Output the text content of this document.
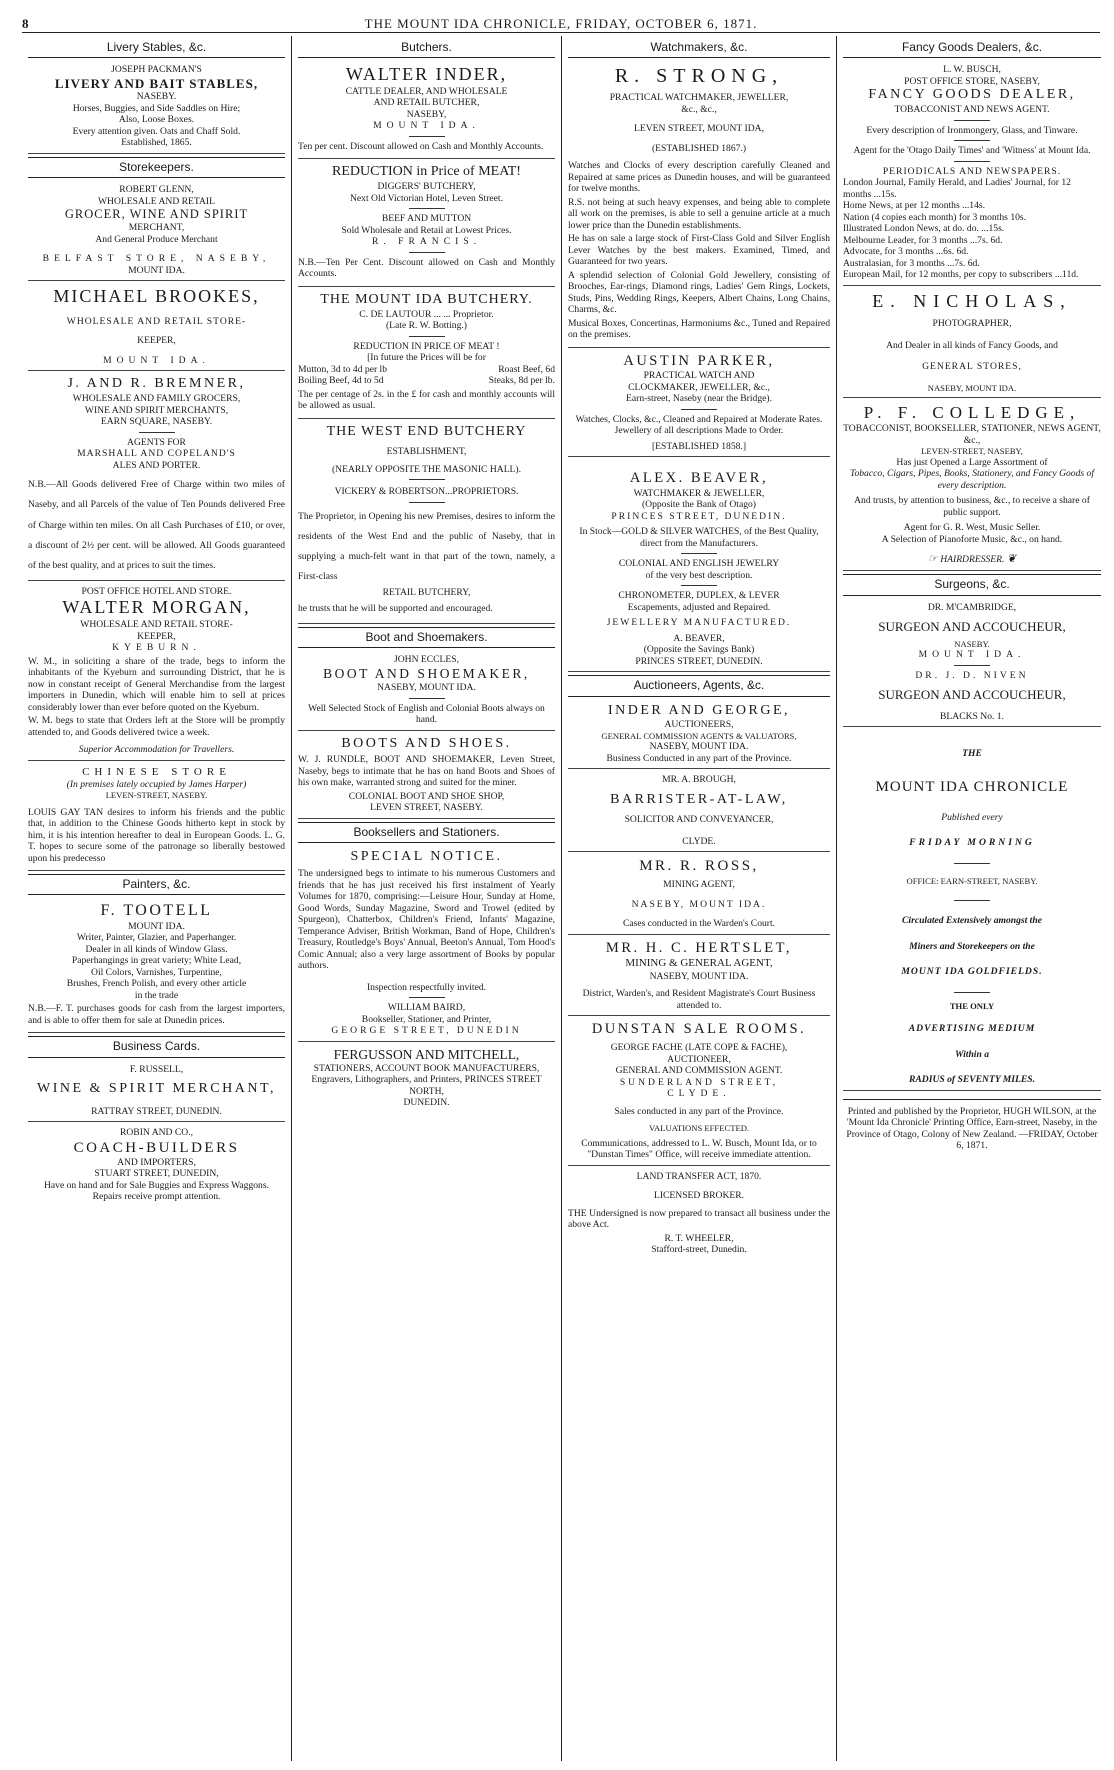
8	THE MOUNT IDA CHRONICLE, FRIDAY, OCTOBER 6, 1871.
Livery Stables, &c.
JOSEPH PACKMAN'S
LIVERY AND BAIT STABLES,
NASEBY.
Horses, Buggies, and Side Saddles on Hire;
Also, Loose Boxes.
Every attention given. Oats and Chaff Sold.
Established, 1865.
Storekeepers.
ROBERT GLENN,
WHOLESALE AND RETAIL
GROCER, WINE AND SPIRIT
MERCHANT,
And General Produce Merchant
BELFAST STORE, NASEBY,
MOUNT IDA.
MICHAEL BROOKES,
WHOLESALE AND RETAIL STORE-
KEEPER,
MOUNT IDA.
J. AND R. BREMNER,
WHOLESALE AND FAMILY GROCERS,
WINE AND SPIRIT MERCHANTS,
EARN SQUARE, NASEBY.
AGENTS FOR
MARSHALL AND COPELAND'S
ALES AND PORTER.
N.B.—All Goods delivered Free of Charge within two miles of Naseby, and all Parcels of the value of Ten Pounds delivered Free of Charge within ten miles. On all Cash Purchases of £10, or over, a discount of 2½ per cent. will be allowed. All Goods guaranteed of the best quality, and at prices to suit the times.
POST OFFICE HOTEL AND STORE.
WALTER MORGAN,
WHOLESALE AND RETAIL STORE-
KEEPER,
KYEBURN.
W. M., in soliciting a share of the trade, begs to inform the inhabitants of the Kyeburn and surrounding District, that he is now in constant receipt of General Merchandise from the largest importers in Dunedin, which will enable him to sell at prices considerably lower than ever before quoted on the Kyeburn.
W. M. begs to state that Orders left at the Store will be promptly attended to, and Goods delivered twice a week.
Superior Accommodation for Travellers.
CHINESE STORE
(In premises lately occupied by James Harper)
LEVEN-STREET, NASEBY.
LOUIS GAY TAN desires to inform his friends and the public that, in addition to the Chinese Goods hitherto kept in stock by him, it is his intention hereafter to deal in European Goods. L. G. T. hopes to secure some of the patronage so liberally bestowed upon his predecesso
Painters, &c.
F. TOOTELL
MOUNT IDA.
Writer, Painter, Glazier, and Paperhanger.
Dealer in all kinds of Window Glass.
Paperhangings in great variety; White Lead,
Oil Colors, Varnishes, Turpentine,
Brushes, French Polish, and every other article
in the trade
N.B.—F. T. purchases goods for cash from the largest importers, and is able to offer them for sale at Dunedin prices.
Business Cards.
F. RUSSELL,
WINE & SPIRIT MERCHANT,
RATTRAY STREET, DUNEDIN.
ROBIN AND CO.,
COACH-BUILDERS
AND IMPORTERS,
STUART STREET, DUNEDIN,
Have on hand and for Sale Buggies and Express Waggons.
Repairs receive prompt attention.
Butchers.
WALTER INDER,
CATTLE DEALER, AND WHOLESALE
AND RETAIL BUTCHER,
NASEBY,
MOUNT IDA.
Ten per cent. Discount allowed on Cash and Monthly Accounts.
REDUCTION in Price of MEAT!
DIGGERS' BUTCHERY,
Next Old Victorian Hotel, Leven Street.
BEEF AND MUTTON
Sold Wholesale and Retail at Lowest Prices.
R. FRANCIS.
N.B.—Ten Per Cent. Discount allowed on Cash and Monthly Accounts.
THE MOUNT IDA BUTCHERY.
C. DE LAUTOUR ... ... Proprietor.
(Late R. W. Botting.)
REDUCTION IN PRICE OF MEAT !
[In future the Prices will be for
Mutton, 3d to 4d per lb	Roast Beef, 6d
Boiling Beef, 4d to 5d	Steaks, 8d per lb.
The per centage of 2s. in the £ for cash and monthly accounts will be allowed as usual.
THE WEST END BUTCHERY
ESTABLISHMENT,
(NEARLY OPPOSITE THE MASONIC HALL).
VICKERY & ROBERTSON...PROPRIETORS.
The Proprietor, in Opening his new Premises, desires to inform the residents of the West End and the public of Naseby, that in supplying a much-felt want in that part of the town, namely, a First-class
RETAIL BUTCHERY,
he trusts that he will be supported and encouraged.
Boot and Shoemakers.
JOHN ECCLES,
BOOT AND SHOEMAKER,
NASEBY, MOUNT IDA.
Well Selected Stock of English and Colonial Boots always on hand.
BOOTS AND SHOES.
W. J. RUNDLE, BOOT AND SHOEMAKER, Leven Street, Naseby, begs to intimate that he has on hand Boots and Shoes of his own make, warranted strong and suited for the miner.
COLONIAL BOOT AND SHOE SHOP,
LEVEN STREET, NASEBY.
Booksellers and Stationers.
SPECIAL NOTICE.
The undersigned begs to intimate to his numerous Customers and friends that he has just received his first instalment of Yearly Volumes for 1870, comprising:—Leisure Hour, Sunday at Home, Good Words, Sunday Magazine, Sword and Trowel (edited by Spurgeon), Chatterbox, Children's Friend, Infants' Magazine, Temperance Adviser, British Workman, Band of Hope, Children's Treasury, Routledge's Boys' Annual, Beeton's Annual, Tom Hood's Comic Annual; also a very large assortment of Books by popular authors.
Inspection respectfully invited.
WILLIAM BAIRD,
Bookseller, Stationer, and Printer,
GEORGE STREET, DUNEDIN
FERGUSSON AND MITCHELL,
STATIONERS, ACCOUNT BOOK MANUFACTURERS, Engravers, Lithographers, and Printers, PRINCES STREET NORTH,
DUNEDIN.
Watchmakers, &c.
R. STRONG,
PRACTICAL WATCHMAKER, JEWELLER,
&c., &c.,
LEVEN STREET, MOUNT IDA,
(ESTABLISHED 1867.)
Watches and Clocks of every description carefully Cleaned and Repaired at same prices as Dunedin houses, and will be guaranteed for twelve months.
R.S. not being at such heavy expenses, and being able to complete all work on the premises, is able to sell a genuine article at a much lower price than the Dunedin establishments.
He has on sale a large stock of First-Class Gold and Silver English Lever Watches by the best makers. Examined, Timed, and Guaranteed for two years.
A splendid selection of Colonial Gold Jewellery, consisting of Brooches, Ear-rings, Diamond rings, Ladies' Gem Rings, Lockets, Studs, Pins, Wedding Rings, Keepers, Albert Chains, Long Chains, Charms, &c.
Musical Boxes, Concertinas, Harmoniums &c., Tuned and Repaired on the premises.
AUSTIN PARKER,
PRACTICAL WATCH AND
CLOCKMAKER, JEWELLER, &c.,
Earn-street, Naseby (near the Bridge).
Watches, Clocks, &c., Cleaned and Repaired at Moderate Rates.
Jewellery of all descriptions Made to Order.
[ESTABLISHED 1858.]
ALEX. BEAVER,
WATCHMAKER & JEWELLER,
(Opposite the Bank of Otago)
PRINCES STREET, DUNEDIN.
In Stock—GOLD & SILVER WATCHES, of the Best Quality, direct from the Manufacturers.
COLONIAL AND ENGLISH JEWELRY
of the very best description.
CHRONOMETER, DUPLEX, & LEVER
Escapements, adjusted and Repaired.
JEWELLERY MANUFACTURED.
A. BEAVER,
(Opposite the Savings Bank)
PRINCES STREET, DUNEDIN.
Auctioneers, Agents, &c.
INDER AND GEORGE,
AUCTIONEERS,
GENERAL COMMISSION AGENTS & VALUATORS,
NASEBY, MOUNT IDA.
Business Conducted in any part of the Province.
MR. A. BROUGH,
BARRISTER-AT-LAW,
SOLICITOR AND CONVEYANCER,
CLYDE.
MR. R. ROSS,
MINING AGENT,
NASEBY, MOUNT IDA.
Cases conducted in the Warden's Court.
MR. H. C. HERTSLET,
MINING & GENERAL AGENT,
NASEBY, MOUNT IDA.
District, Warden's, and Resident Magistrate's Court Business attended to.
DUNSTAN SALE ROOMS.
GEORGE FACHE (LATE COPE & FACHE),
AUCTIONEER,
GENERAL AND COMMISSION AGENT.
SUNDERLAND STREET,
CLYDE.
Sales conducted in any part of the Province.
VALUATIONS EFFECTED.
Communications, addressed to L. W. Busch, Mount Ida, or to "Dunstan Times" Office, will receive immediate attention.
LAND TRANSFER ACT, 1870.
LICENSED BROKER.
THE Undersigned is now prepared to transact all business under the above Act.
R. T. WHEELER,
Stafford-street, Dunedin.
Fancy Goods Dealers, &c.
L. W. BUSCH,
POST OFFICE STORE, NASEBY,
FANCY GOODS DEALER,
TOBACCONIST AND NEWS AGENT.
Every description of Ironmongery, Glass, and Tinware.
Agent for the 'Otago Daily Times' and 'Witness' at Mount Ida.
PERIODICALS AND NEWSPAPERS.
London Journal, Family Herald, and Ladies' Journal, for 12 months ...15s.
Home News, at per 12 months ...14s.
Nation (4 copies each month) for 3 months 10s.
Illustrated London News, at do. do. ...15s.
Melbourne Leader, for 3 months ...7s. 6d.
Advocate, for 3 months ...6s. 6d.
Australasian, for 3 months ...7s. 6d.
European Mail, for 12 months, per copy to subscribers ...11d.
E. NICHOLAS,
PHOTOGRAPHER,
And Dealer in all kinds of Fancy Goods, and
GENERAL STORES,
NASEBY, MOUNT IDA.
P. F. COLLEDGE,
TOBACCONIST, BOOKSELLER, STATIONER, NEWS AGENT, &c.,
LEVEN-STREET, NASEBY,
Has just Opened a Large Assortment of
Tobacco, Cigars, Pipes, Books, Stationery, and Fancy Goods of every description.
And trusts, by attention to business, &c., to receive a share of public support.
Agent for G. R. West, Music Seller.
A Selection of Pianoforte Music, &c., on hand.
☞ HAIRDRESSER. ❦
Surgeons, &c.
DR. M'CAMBRIDGE,
SURGEON AND ACCOUCHEUR,
NASEBY.
MOUNT IDA.
DR. J. D. NIVEN
SURGEON AND ACCOUCHEUR,
BLACKS No. 1.
THE
MOUNT IDA CHRONICLE
Published every
FRIDAY MORNING
OFFICE: EARN-STREET, NASEBY.
Circulated Extensively amongst the
Miners and Storekeepers on the
MOUNT IDA GOLDFIELDS.
THE ONLY
ADVERTISING MEDIUM
Within a
RADIUS of SEVENTY MILES.
Printed and published by the Proprietor, HUGH WILSON, at the 'Mount Ida Chronicle' Printing Office, Earn-street, Naseby, in the Province of Otago, Colony of New Zealand. —FRIDAY, October 6, 1871.
